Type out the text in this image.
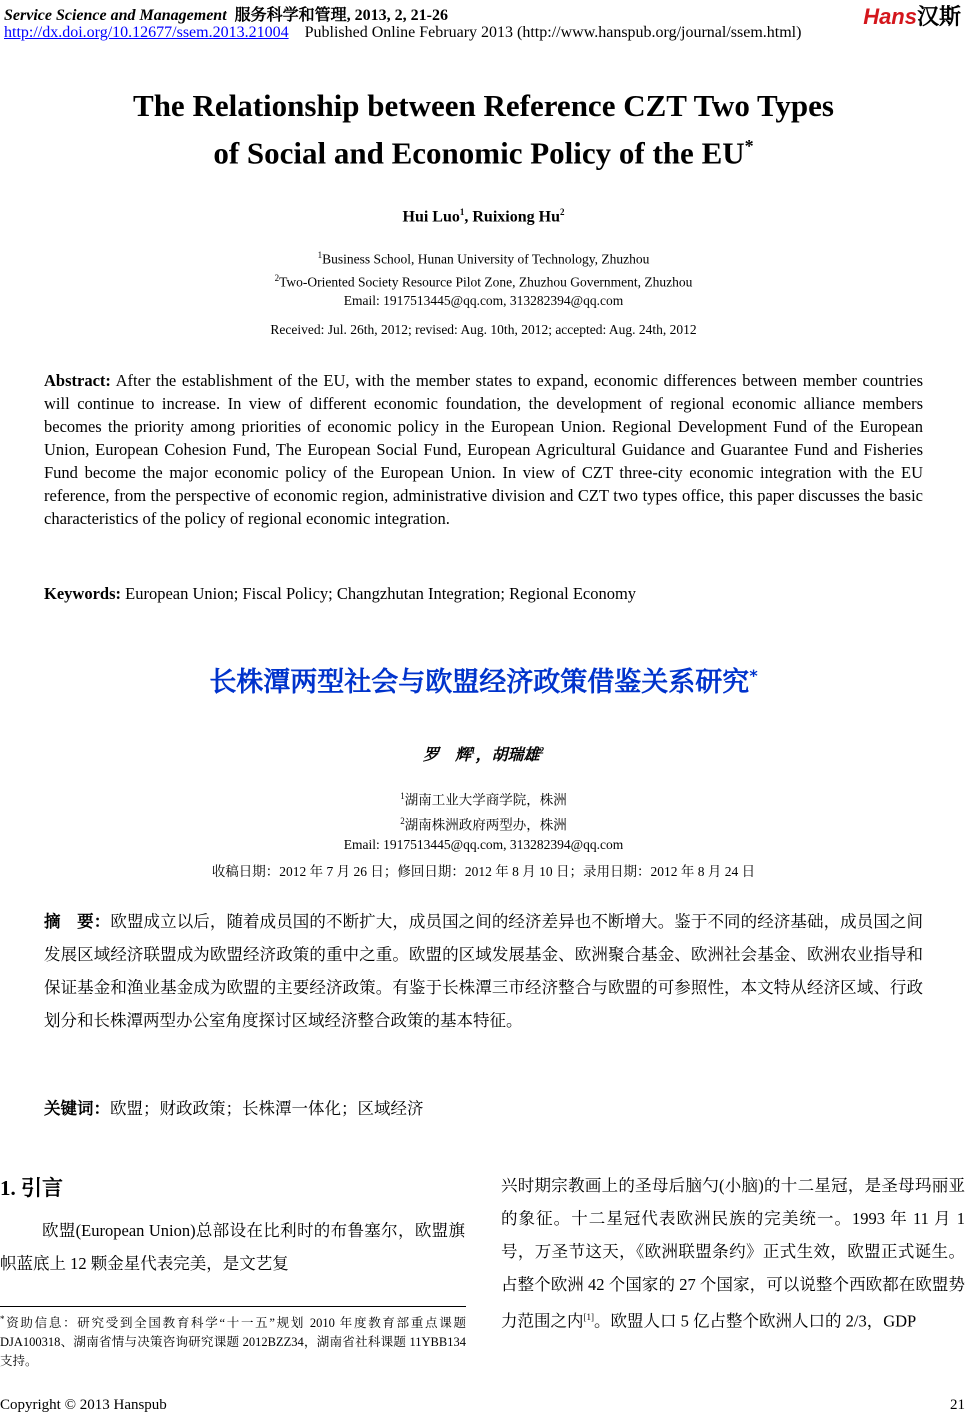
Service Science and Management 服务科学和管理, 2013, 2, 21-26
http://dx.doi.org/10.12677/ssem.2013.21004 Published Online February 2013 (http://www.hanspub.org/journal/ssem.html)
Hans汉斯
The Relationship between Reference CZT Two Types
of Social and Economic Policy of the EU*
Hui Luo$^1$, Ruixiong Hu$^2$
$^1$Business School, Hunan University of Technology, Zhuzhou
$^2$Two-Oriented Society Resource Pilot Zone, Zhuzhou Government, Zhuzhou
Email: 1917513445@qq.com, 313282394@qq.com
Received: Jul. 26th, 2012; revised: Aug. 10th, 2012; accepted: Aug. 24th, 2012
Abstract: After the establishment of the EU, with the member states to expand, economic differences between member countries will continue to increase. In view of different economic foundation, the development of regional economic alliance members becomes the priority among priorities of economic policy in the European Union. Regional Development Fund of the European Union, European Cohesion Fund, The European Social Fund, European Agricultural Guidance and Guarantee Fund and Fisheries Fund become the major economic policy of the European Union. In view of CZT three-city economic integration with the EU reference, from the perspective of economic region, administrative division and CZT two types office, this paper discusses the basic characteristics of the policy of regional economic integration.
Keywords: European Union; Fiscal Policy; Changzhutan Integration; Regional Economy
长株潭两型社会与欧盟经济政策借鉴关系研究*
罗　辉$^1$，胡瑞雄$^2$
$^1$湖南工业大学商学院，株洲
$^2$湖南株洲政府两型办，株洲
Email: 1917513445@qq.com, 313282394@qq.com
收稿日期：2012 年 7 月 26 日；修回日期：2012 年 8 月 10 日；录用日期：2012 年 8 月 24 日
摘　要：欧盟成立以后，随着成员国的不断扩大，成员国之间的经济差异也不断增大。鉴于不同的经济基础，成员国之间发展区域经济联盟成为欧盟经济政策的重中之重。欧盟的区域发展基金、欧洲聚合基金、欧洲社会基金、欧洲农业指导和保证基金和渔业基金成为欧盟的主要经济政策。有鉴于长株潭三市经济整合与欧盟的可参照性，本文特从经济区域、行政划分和长株潭两型办公室角度探讨区域经济整合政策的基本特征。
关键词：欧盟；财政政策；长株潭一体化；区域经济
1. 引言
欧盟(European Union)总部设在比利时的布鲁塞尔，欧盟旗帜蓝底上 12 颗金星代表完美，是文艺复
*资助信息：研究受到全国教育科学“十一五”规划 2010 年度教育部重点课题 DJA100318、湖南省情与决策咨询研究课题 2012BZZ34，湖南省社科课题 11YBB134 支持。
兴时期宗教画上的圣母后脑勺(小脑)的十二星冠，是圣母玛丽亚的象征。十二星冠代表欧洲民族的完美统一。1993 年 11 月 1 号，万圣节这天，《欧洲联盟条约》正式生效，欧盟正式诞生。占整个欧洲 42 个国家的 27 个国家，可以说整个西欧都在欧盟势力范围之内[1]。欧盟人口 5 亿占整个欧洲人口的 2/3，GDP
Copyright © 2013 Hanspub	21
